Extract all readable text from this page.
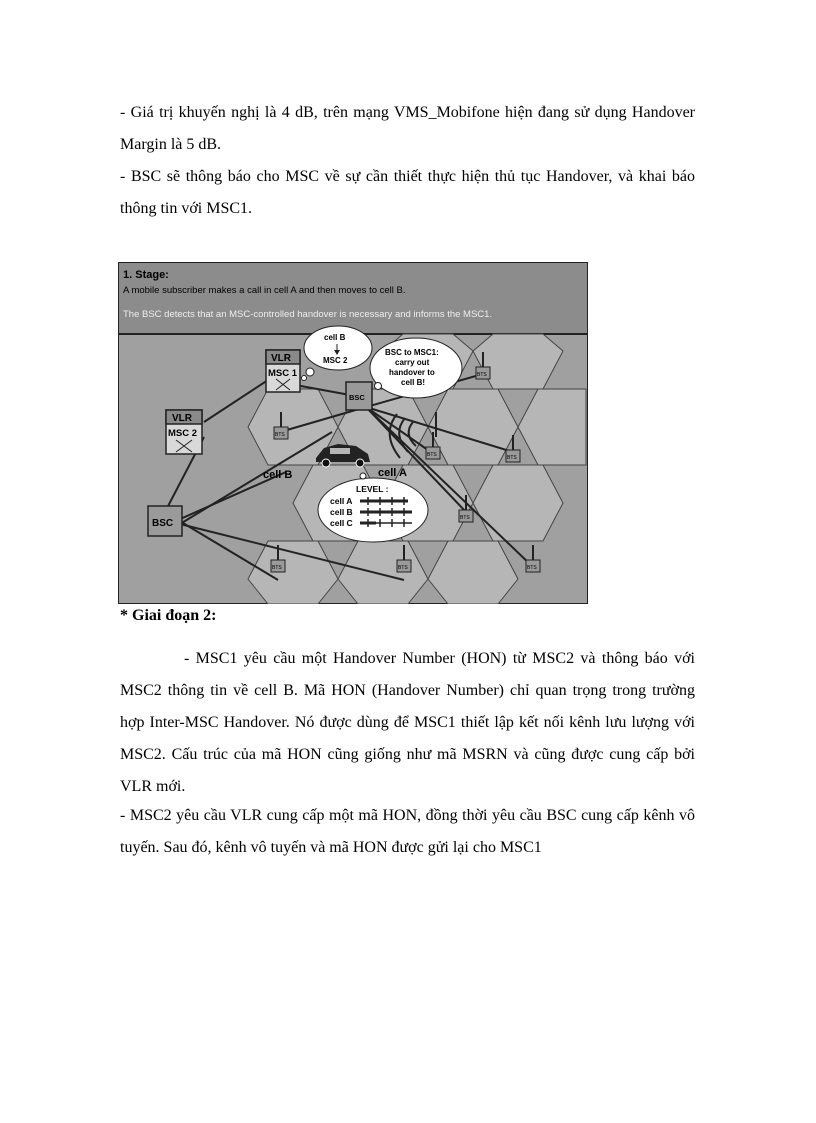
- Giá trị khuyến nghị là 4 dB, trên mạng VMS_Mobifone hiện đang sử dụng Handover Margin là 5 dB.

- BSC sẽ thông báo cho MSC về sự cần thiết thực hiện thủ tục Handover, và khai báo thông tin với MSC1.

1. Stage:
A mobile subscriber makes a call in cell A and then moves to cell B.
The BSC detects that an MSC-controlled handover is necessary and informs the MSC1.
VLR
MSC 1
VLR
MSC 2
BSC
BSC
cell B
MSC 2
BSC to MSC1:
carry out
handover to
cell B!
BTS
BTS
BTS	BTS
BTS
BTS	BTS	BTS
cell A
cell B
LEVEL :
cell A
cell B
cell C

* Giai đoạn 2:

- MSC1 yêu cầu một Handover Number (HON) từ MSC2 và thông báo với MSC2 thông tin về cell B. Mã HON (Handover Number) chỉ quan trọng trong trường hợp Inter-MSC Handover. Nó được dùng để MSC1 thiết lập kết nối kênh lưu lượng với MSC2. Cấu trúc của mã HON cũng giống như mã MSRN và cũng được cung cấp bởi VLR mới.

- MSC2 yêu cầu VLR cung cấp một mã HON, đồng thời yêu cầu BSC cung cấp kênh vô tuyến. Sau đó, kênh vô tuyến và mã HON được gửi lại cho MSC1
